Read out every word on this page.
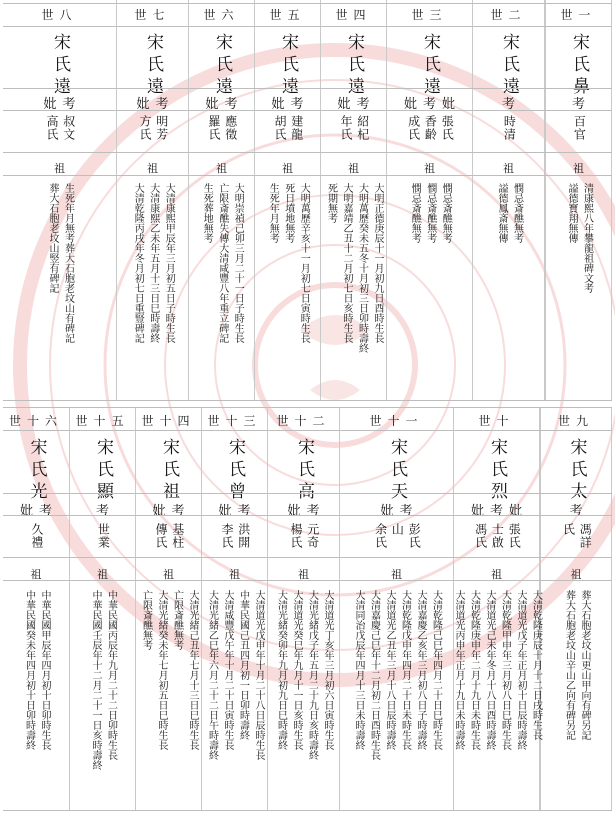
世一
宋氏鼻
考
百官
祖
清康熙八年攀龍祖碑文考
謚德寶翔無傳
世二
宋氏遠
考
時清
祖
憫忌斎醮無考
謚德鳳斎無傳
世三
宋氏遠
妣
考
妣
張氏
香齡
成氏
祖
憫忌斎醮無考
憫忌斎醮無考
憫忌斎醮無考
世四
宋氏遠
考
妣
紹杞
年氏
祖
大明正德庚辰十一月初九日酉時生長
大明萬歷癸未五冬十月初三日卯時壽終
大明嘉靖乙丑十二月初七日亥時生長
死期無考
世五
宋氏遠
考
妣
建龍
胡氏
祖
大明萬歷辛亥十一月初七日寅時生長
死日墳地無考
生死年月無考
世六
宋氏遠
考
妣
應徵
羅氏
祖
大明崇禎己卯三月二十一日子時生長
亡限斎醮失傳大清咸豐八年重立碑記
生死葬地無考
世七
宋氏遠
考
妣
明芳
方氏
祖
大清康熙甲辰年三月初五日子時生長
大清康熙乙未年五月十三日巳時壽終
大清乾隆丙戌年冬月初七日重豎碑記
世八
宋氏遠
考
妣
叔文
高氏
祖
生死年月無考葬大石胞老坟山有碑記
葬大石胞老坟山竪有碑記
世九
宋氏太
考
馮詳
氏
祖
葬大石胞老坟山更山甲向有碑另記
葬大石胞老坟山辛山乙向有碑另記
世十
宋氏烈
妣
考
妣
張氏
士啟
馮氏
祖
大清乾隆庚辰十月十二日戌時生長
大清道光戊子年正月初十日辰時壽終
大清乾隆甲申年三月初八日巳時生長
大清道光己未年冬月十八日酉時壽終
大清乾隆庚申年二月十九日未時生長
大清道光丙申年正月十九日未時壽終
世十一
宋氏天
考
妣
彭氏
山
余氏
祖
大清乾隆己巳年四月二十日巳時生長
大清嘉慶乙亥年三月初八日子時壽終
大清乾隆戊申年四月二十日未時生長
大清道光乙丑年三月十八日辰時壽終
大清嘉慶己巳年十二月初二日酉時生長
大清同治戊辰年四月十三日未時壽終
世十二
宋氏高
考
妣
元奇
楊氏
祖
大清道光丁亥年三月初六日寅時生長
大清光緒戊子年五月二十九日亥時壽終
大清道光癸巳年九月十一日亥時生長
大清光緒癸卯年九月初九日巳時壽終
世十三
宋氏曾
考
妣
洪開
李氏
祖
大清道光戊申年十月二十八日辰時生長
中華民國己丑四月初一日卯時壽終
大清咸豐戊午年十月二十日寅時生長
大清光緒乙巳年六月二十二日午時壽終
世十四
宋氏祖
考
妣
基柱
傳氏
祖
大清光緒己丑年七月十三日巳時生長
亡限斎醮無考
大清光緒癸未年七月初五日巳時生長
亡限斎醮無考
世十五
宋氏顯
考
世業
祖
中華民國丙辰年九月二十二日卯時生長
中華民國壬辰年十二月二十一日亥時壽終
世十六
宋氏光
考
妣
久禮
祖
中華民國甲辰年四月初十日卯時生長
中華民國癸未年四月初十日卯時壽終
